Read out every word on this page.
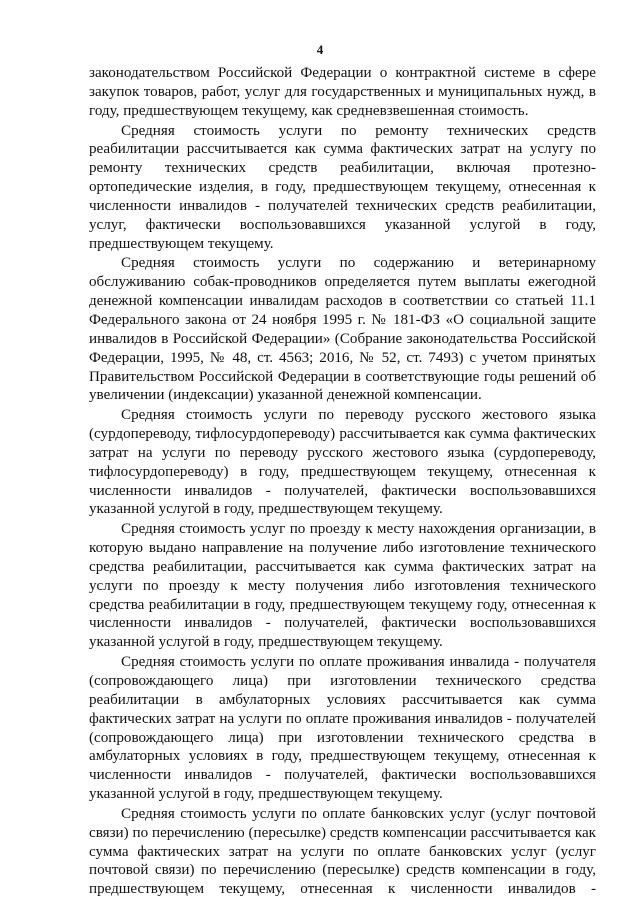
4

законодательством Российской Федерации о контрактной системе в сфере закупок товаров, работ, услуг для государственных и муниципальных нужд, в году, предшествующем текущему, как средневзвешенная стоимость.

Средняя стоимость услуги по ремонту технических средств реабилитации рассчитывается как сумма фактических затрат на услугу по ремонту технических средств реабилитации, включая протезно-ортопедические изделия, в году, предшествующем текущему, отнесенная к численности инвалидов - получателей технических средств реабилитации, услуг, фактически воспользовавшихся указанной услугой в году, предшествующем текущему.

Средняя стоимость услуги по содержанию и ветеринарному обслуживанию собак-проводников определяется путем выплаты ежегодной денежной компенсации инвалидам расходов в соответствии со статьей 11.1 Федерального закона от 24 ноября 1995 г. № 181-ФЗ «О социальной защите инвалидов в Российской Федерации» (Собрание законодательства Российской Федерации, 1995, № 48, ст. 4563; 2016, № 52, ст. 7493) с учетом принятых Правительством Российской Федерации в соответствующие годы решений об увеличении (индексации) указанной денежной компенсации.

Средняя стоимость услуги по переводу русского жестового языка (сурдопереводу, тифлосурдопереводу) рассчитывается как сумма фактических затрат на услуги по переводу русского жестового языка (сурдопереводу, тифлосурдопереводу) в году, предшествующем текущему, отнесенная к численности инвалидов - получателей, фактически воспользовавшихся указанной услугой в году, предшествующем текущему.

Средняя стоимость услуг по проезду к месту нахождения организации, в которую выдано направление на получение либо изготовление технического средства реабилитации, рассчитывается как сумма фактических затрат на услуги по проезду к месту получения либо изготовления технического средства реабилитации в году, предшествующем текущему году, отнесенная к численности инвалидов - получателей, фактически воспользовавшихся указанной услугой в году, предшествующем текущему.

Средняя стоимость услуги по оплате проживания инвалида - получателя (сопровождающего лица) при изготовлении технического средства реабилитации в амбулаторных условиях рассчитывается как сумма фактических затрат на услуги по оплате проживания инвалидов - получателей (сопровождающего лица) при изготовлении технического средства в амбулаторных условиях в году, предшествующем текущему, отнесенная к численности инвалидов - получателей, фактически воспользовавшихся указанной услугой в году, предшествующем текущему.

Средняя стоимость услуги по оплате банковских услуг (услуг почтовой связи) по перечислению (пересылке) средств компенсации рассчитывается как сумма фактических затрат на услуги по оплате банковских услуг (услуг почтовой связи) по перечислению (пересылке) средств компенсации в году, предшествующем текущему, отнесенная к численности инвалидов -
